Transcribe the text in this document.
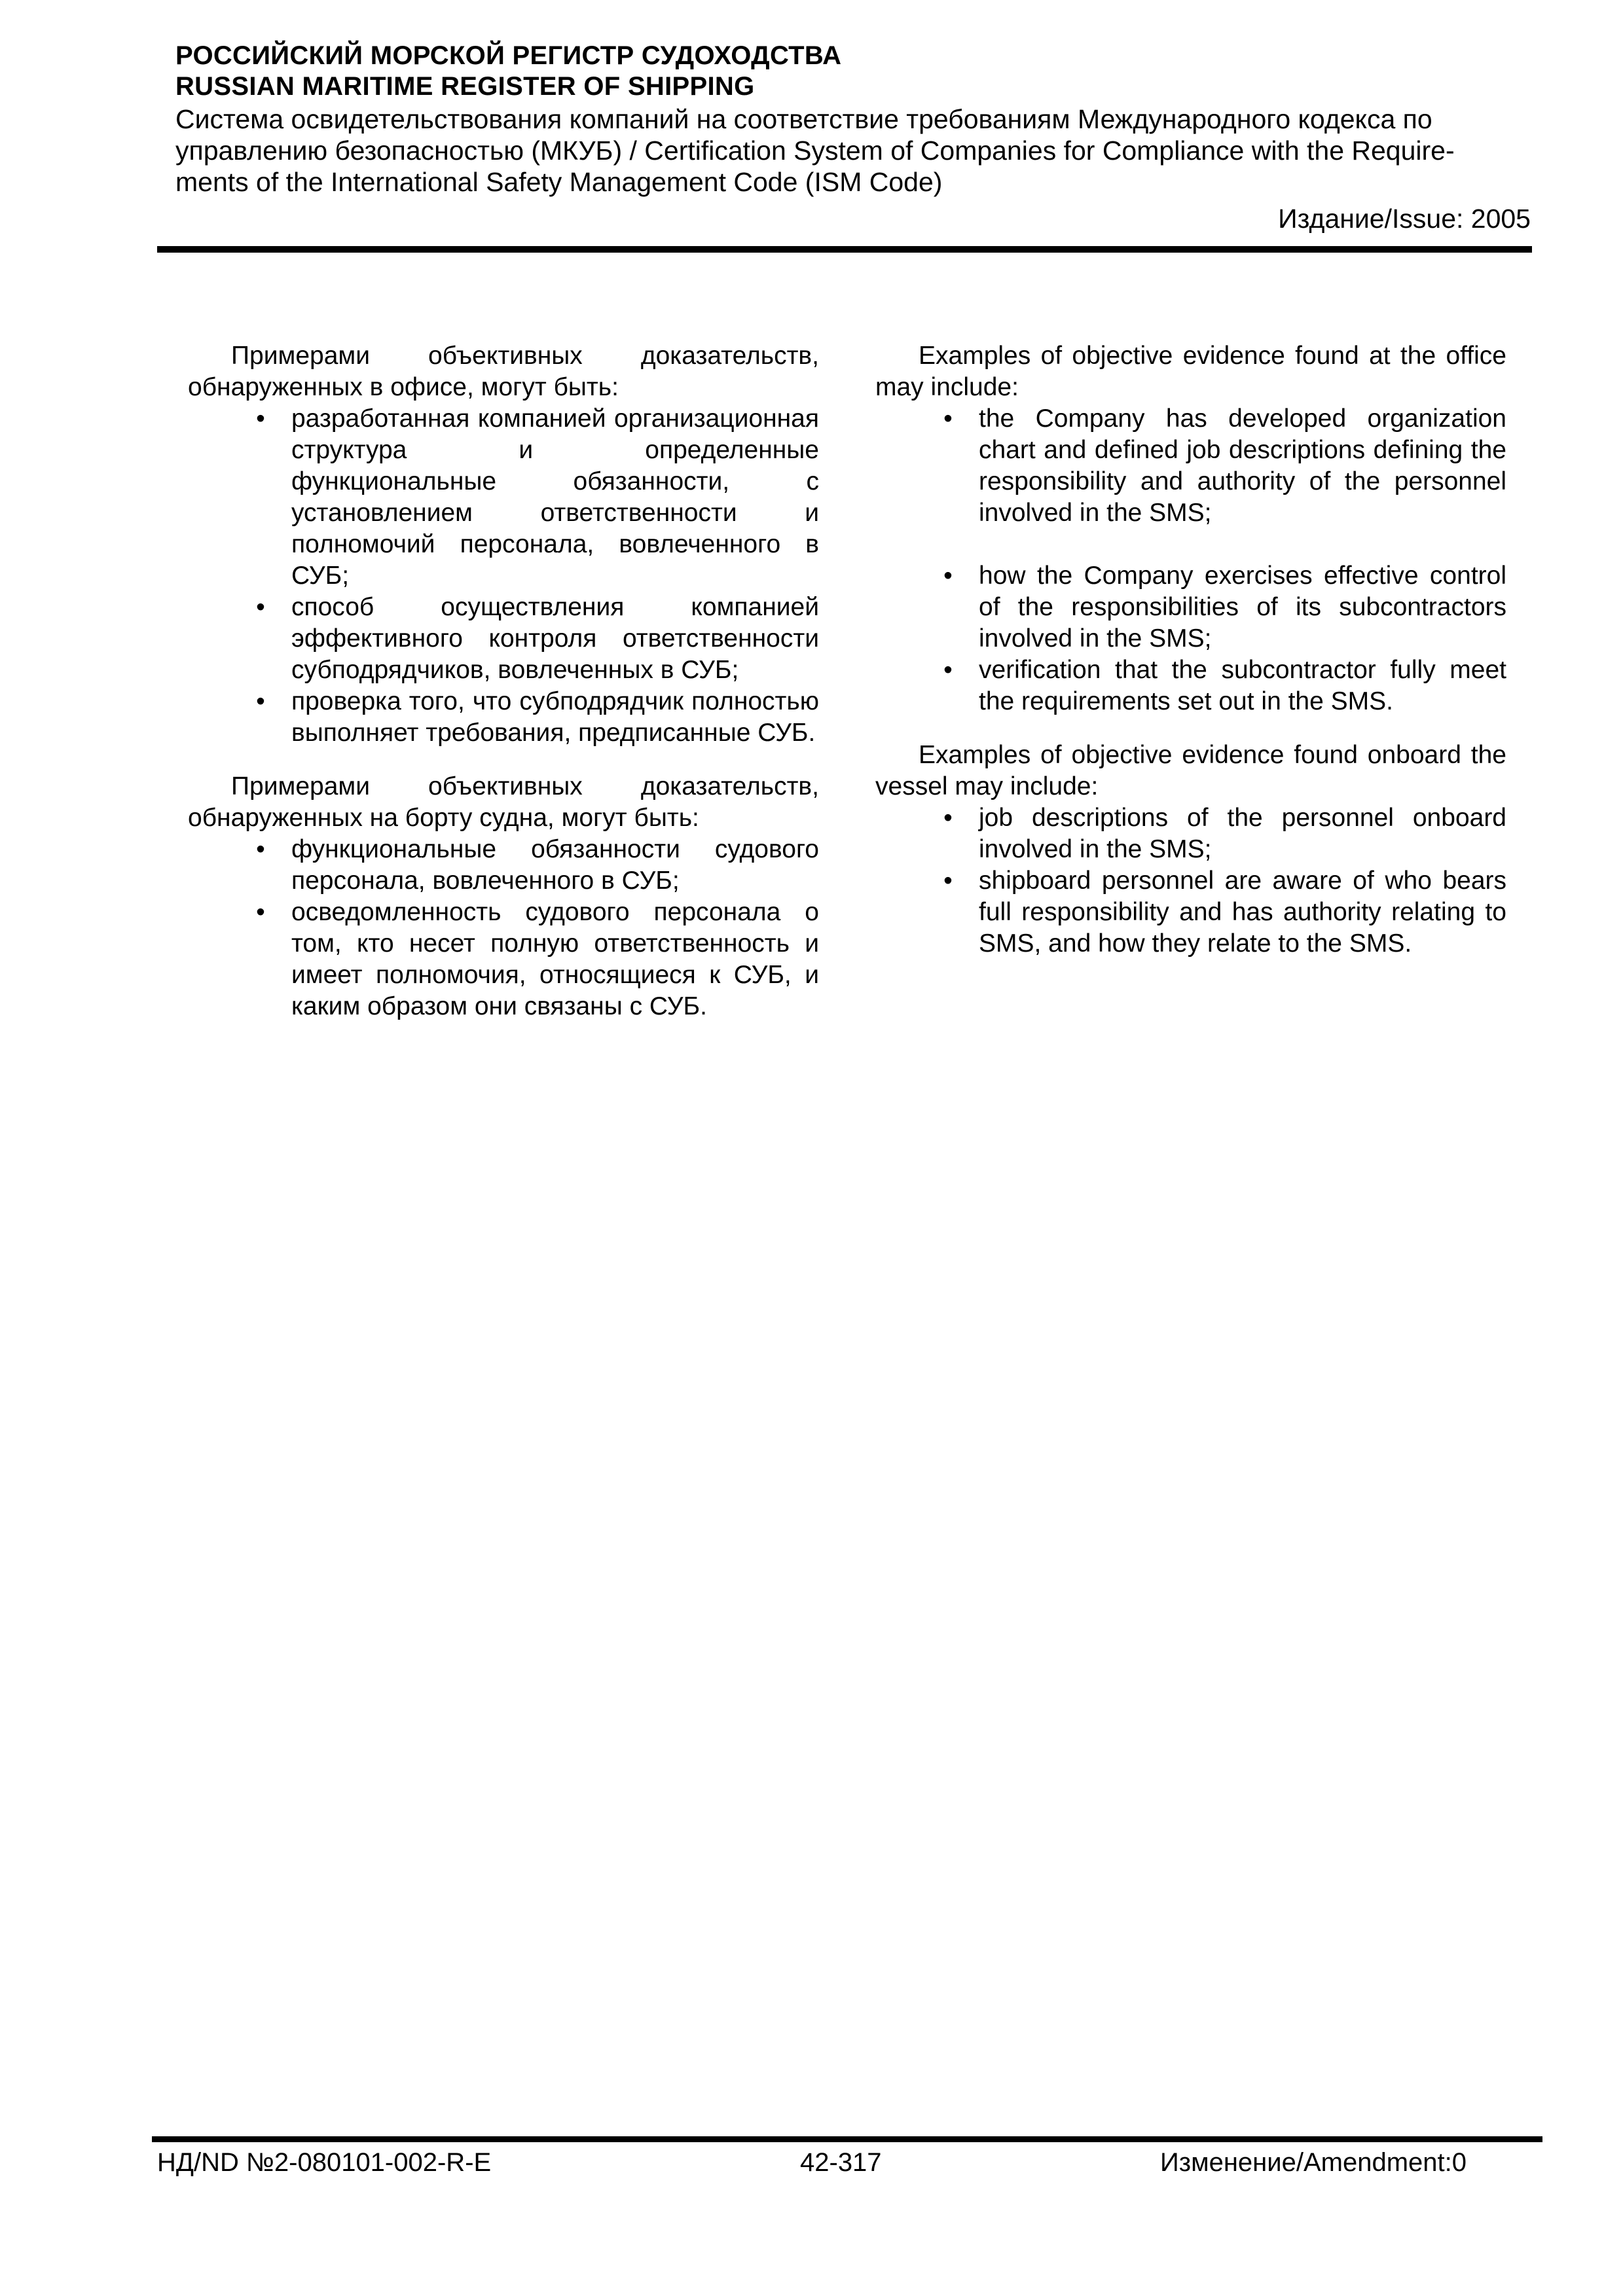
РОССИЙСКИЙ МОРСКОЙ РЕГИСТР СУДОХОДСТВА
RUSSIAN MARITIME REGISTER OF SHIPPING
Система освидетельствования компаний на соответствие требованиям Международного кодекса по
управлению безопасностью (МКУБ) / Certification System of Companies for Compliance with the Require-
ments of the International Safety Management Code (ISM Code)
Издание/Issue: 2005

Примерами объективных доказательств, обнаруженных в офисе, могут быть:

• разработанная компанией организационная структура и определенные функциональные обязанности, с установлением ответственности и полномочий персонала, вовлеченного в СУБ;
• способ осуществления компанией эффективного контроля ответственности субподрядчиков, вовлеченных в СУБ;
• проверка того, что субподрядчик полностью выполняет требования, предписанные СУБ.

Примерами объективных доказательств, обнаруженных на борту судна, могут быть:

• функциональные обязанности судового персонала, вовлеченного в СУБ;
• осведомленность судового персонала о том, кто несет полную ответственность и имеет полномочия, относящиеся к СУБ, и каким образом они связаны с СУБ.

Examples of objective evidence found at the office may include:

• the Company has developed organization chart and defined job descriptions defining the responsibility and authority of the personnel involved in the SMS;
• how the Company exercises effective control of the responsibilities of its subcontractors involved in the SMS;
• verification that the subcontractor fully meet the requirements set out in the SMS.

Examples of objective evidence found onboard the vessel may include:

• job descriptions of the personnel onboard involved in the SMS;
• shipboard personnel are aware of who bears full responsibility and has authority relating to SMS, and how they relate to the SMS.
НД/ND №2-080101-002-R-E	42-317	Изменение/Amendment:0
